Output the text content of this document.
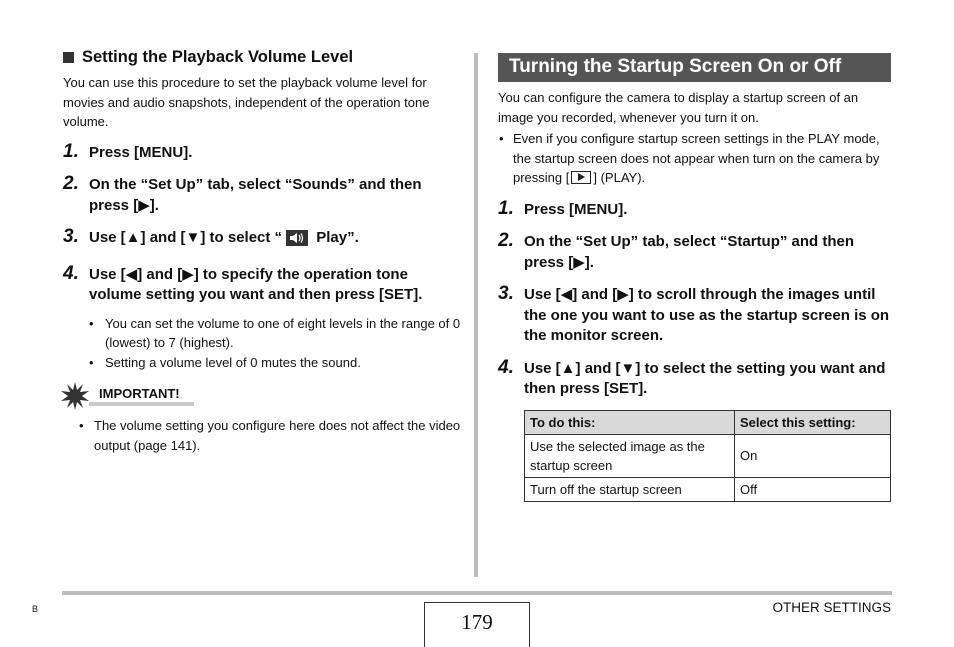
Setting the Playback Volume Level

You can use this procedure to set the playback volume level for movies and audio snapshots, independent of the operation tone volume.

1. Press [MENU].
2. On the “Set Up” tab, select “Sounds” and then press [▶].
3. Use [▲] and [▼] to select “ Play”.
4. Use [◀] and [▶] to specify the operation tone volume setting you want and then press [SET].
• You can set the volume to one of eight levels in the range of 0 (lowest) to 7 (highest).
• Setting a volume level of 0 mutes the sound.
IMPORTANT!
• The volume setting you configure here does not affect the video output (page 141).
Turning the Startup Screen On or Off

You can configure the camera to display a startup screen of an image you recorded, whenever you turn it on.

• Even if you configure startup screen settings in the PLAY mode, the startup screen does not appear when turn on the camera by pressing [ ] (PLAY).
1. Press [MENU].
2. On the “Set Up” tab, select “Startup” and then press [▶].
3. Use [◀] and [▶] to scroll through the images until the one you want to use as the startup screen is on the monitor screen.
4. Use [▲] and [▼] to select the setting you want and then press [SET].
To do this:	Select this setting:
Use the selected image as the startup screen	On
Turn off the startup screen	Off
B
179
OTHER SETTINGS
